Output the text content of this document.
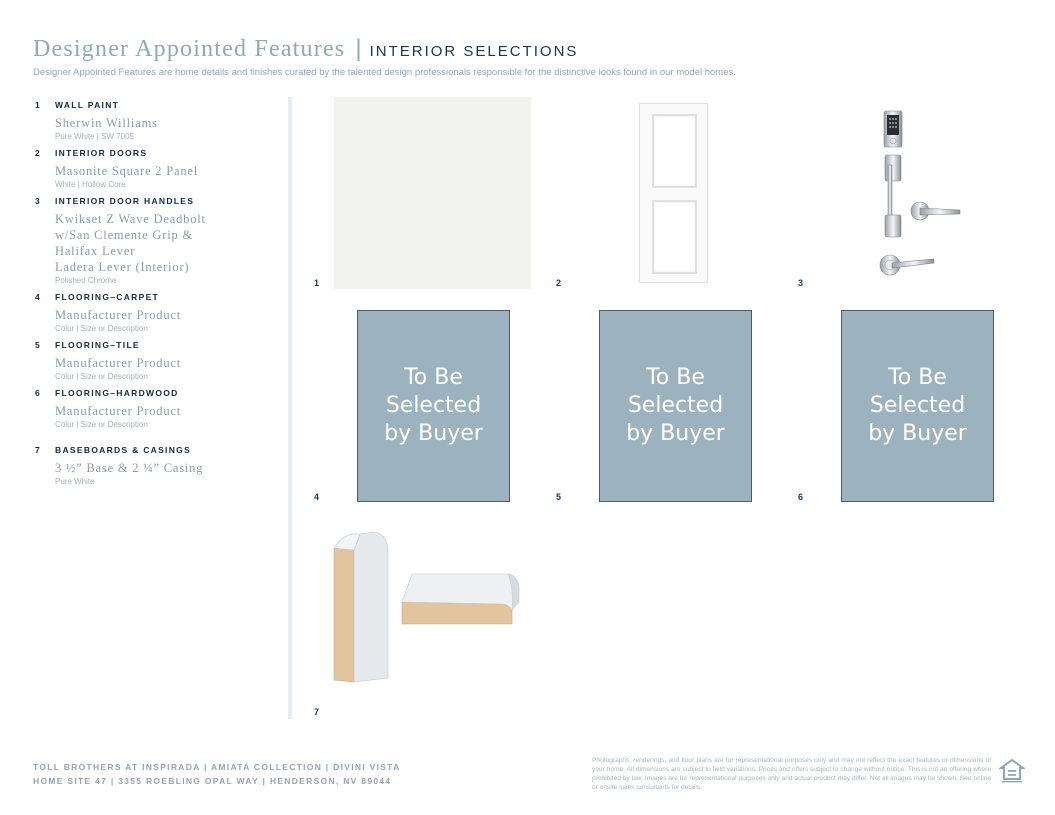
Designer Appointed Features | INTERIOR SELECTIONS
Designer Appointed Features are home details and finishes curated by the talented design professionals responsible for the distinctive looks found in our model homes.
1 WALL PAINT
Sherwin Williams
Pure White | SW 7005
2 INTERIOR DOORS
Masonite Square 2 Panel
White | Hollow Core
3 INTERIOR DOOR HANDLES
Kwikset Z Wave Deadbolt
w/San Clemente Grip &
Halifax Lever
Ladera Lever (Interior)
Polished Chrome
4 FLOORING–CARPET
Manufacturer Product
Color | Size or Description
5 FLOORING–TILE
Manufacturer Product
Color | Size or Description
6 FLOORING–HARDWOOD
Manufacturer Product
Color | Size or Description
7 BASEBOARDS & CASINGS
3 ½” Base & 2 ¼” Casing
Pure White
1	2	3
To Be
Selected
by Buyer
4
To Be
Selected
by Buyer
5
To Be
Selected
by Buyer
6
7
TOLL BROTHERS AT INSPIRADA | AMIATA COLLECTION | DIVINI VISTA
HOME SITE 47 | 3355 ROEBLING OPAL WAY | HENDERSON, NV 89044
Photographs, renderings, and floor plans are for representational purposes only and may not reflect the exact features or dimensions of your home. All dimensions are subject to field variations. Prices and offers subject to change without notice. This is not an offering where prohibited by law. Images are for representational purposes only and actual product may differ. Not all images may be shown. See online or onsite sales consultants for details.
